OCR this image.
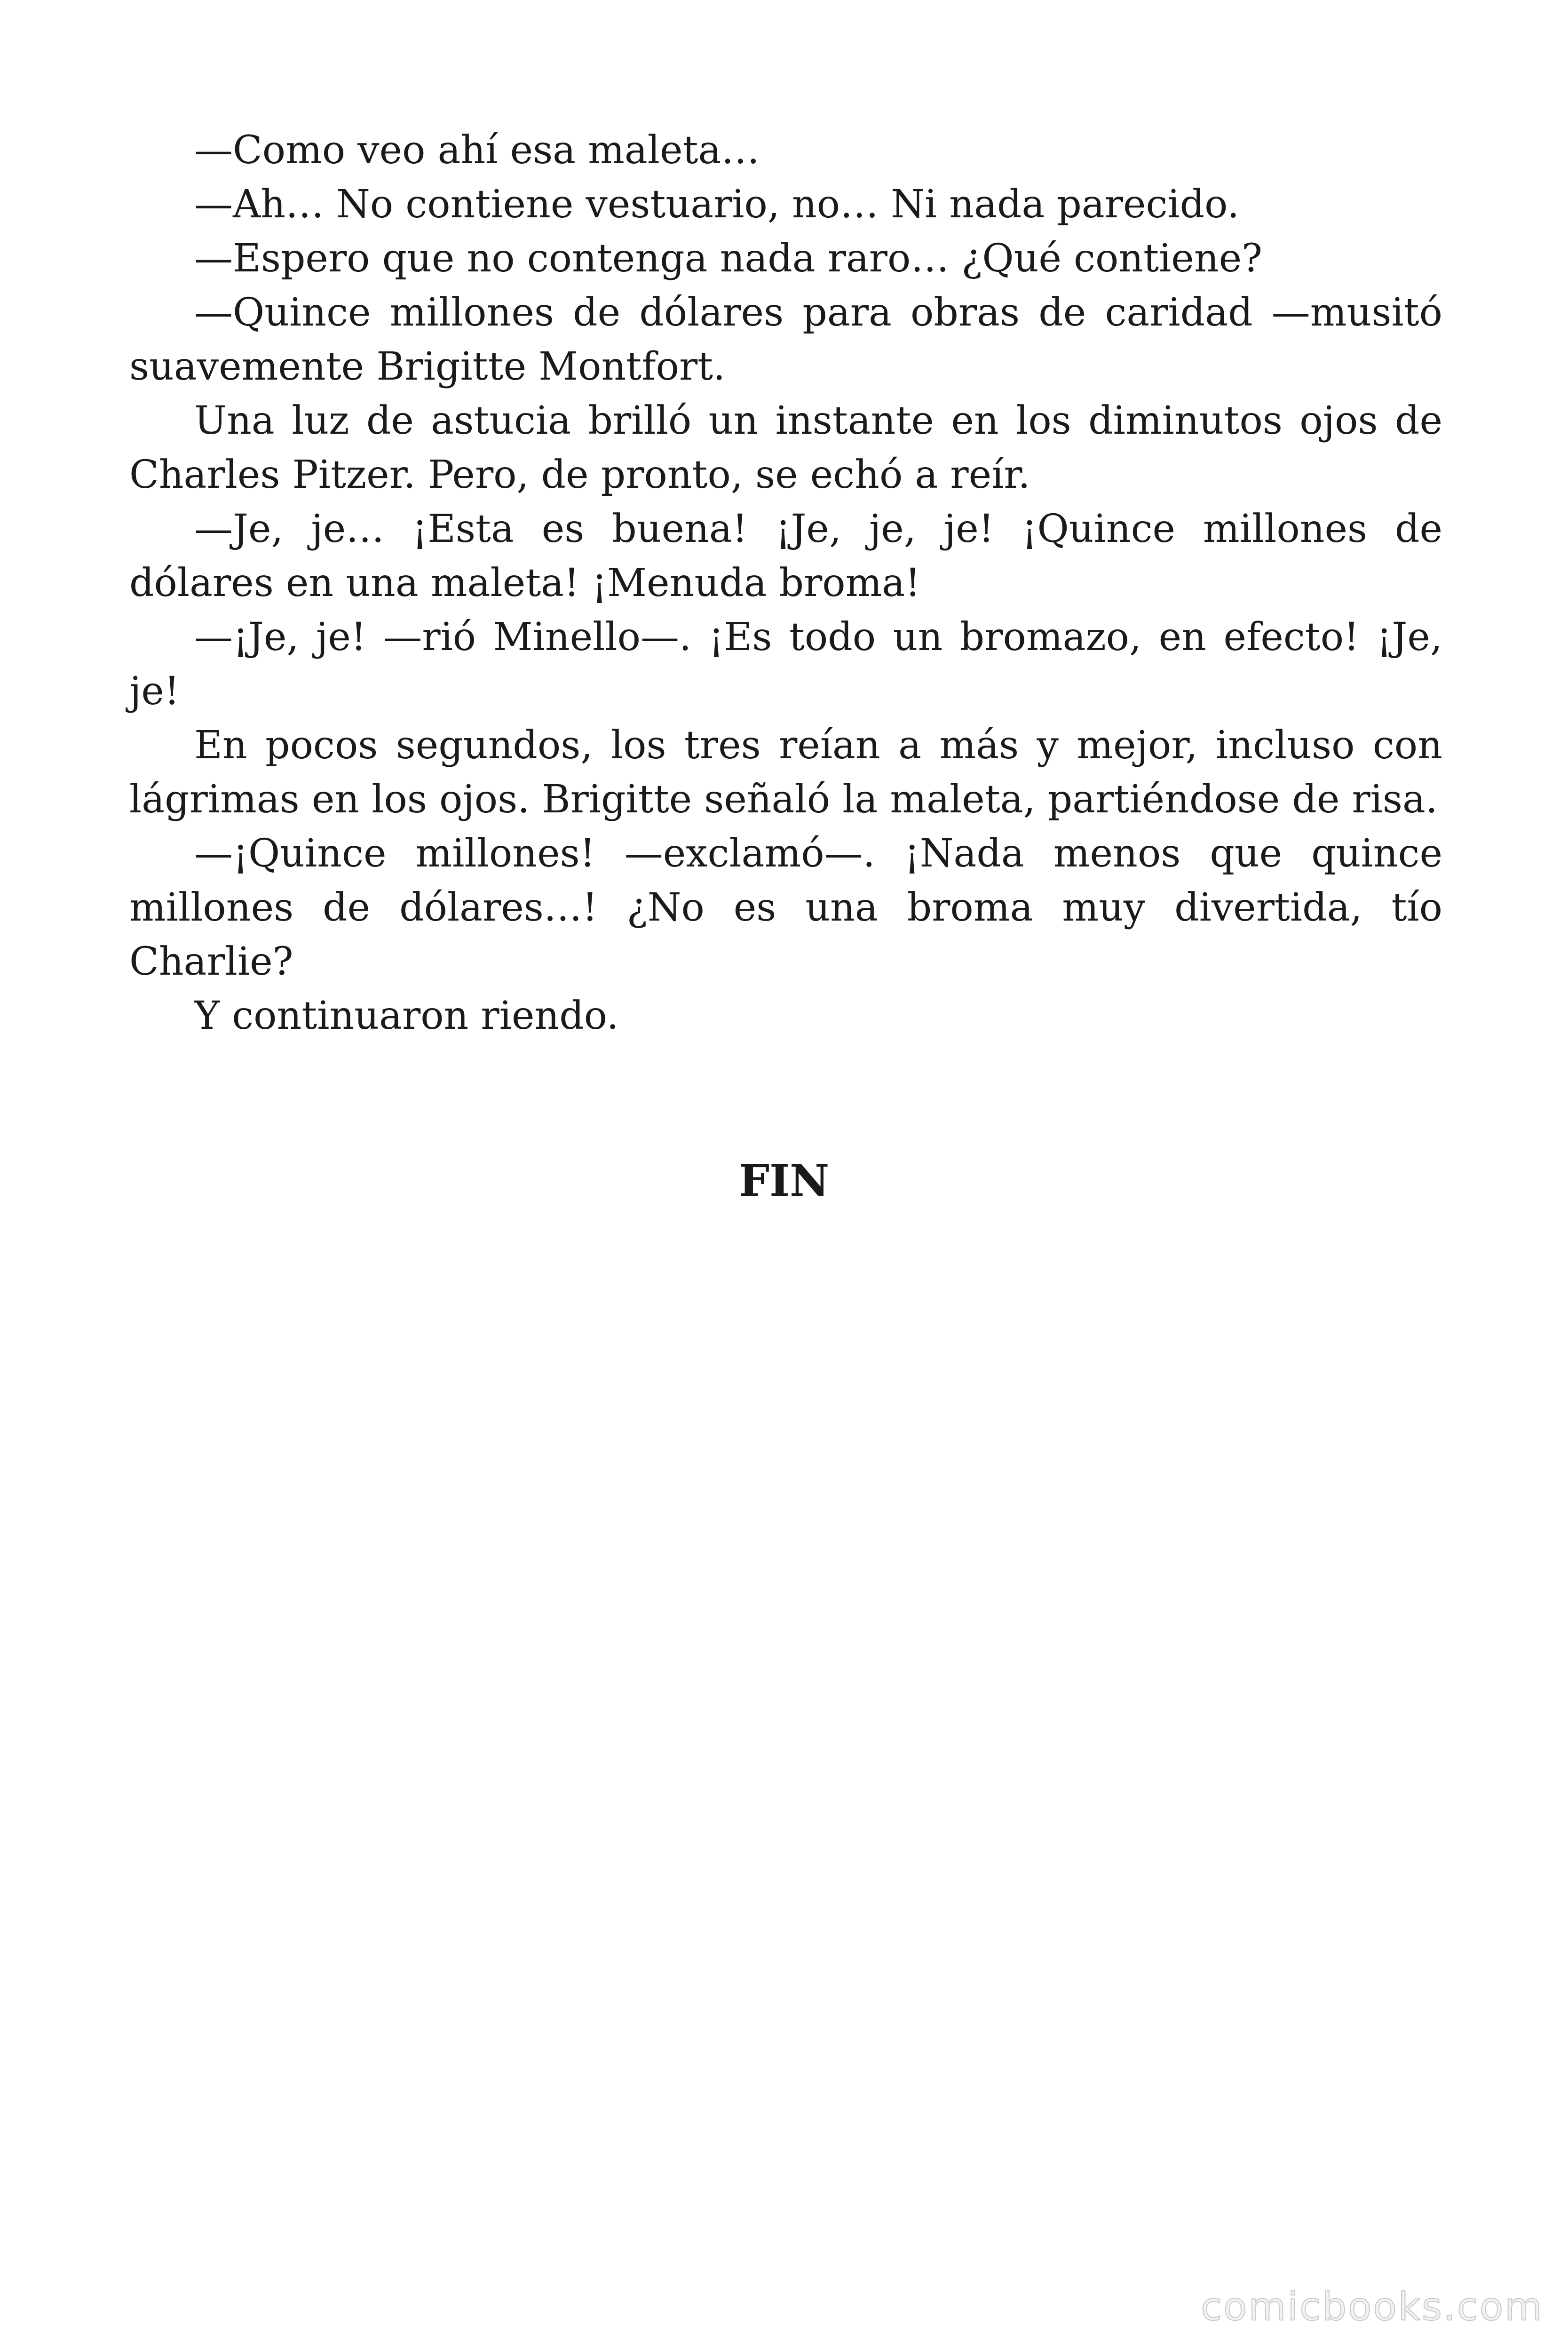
—Como veo ahí esa maleta…

—Ah… No contiene vestuario, no… Ni nada parecido.

—Espero que no contenga nada raro… ¿Qué contiene?

—Quince millones de dólares para obras de caridad —musitó suavemente Brigitte Montfort.

Una luz de astucia brilló un instante en los diminutos ojos de Charles Pitzer. Pero, de pronto, se echó a reír.

—Je, je… ¡Esta es buena! ¡Je, je, je! ¡Quince millones de dólares en una maleta! ¡Menuda broma!

—¡Je, je! —rió Minello—. ¡Es todo un bromazo, en efecto! ¡Je, je!

En pocos segundos, los tres reían a más y mejor, incluso con lágrimas en los ojos. Brigitte señaló la maleta, partiéndose de risa.

—¡Quince millones! —exclamó—. ¡Nada menos que quince millones de dólares…! ¿No es una broma muy divertida, tío Charlie?

Y continuaron riendo.

FIN
comicbooks.com
